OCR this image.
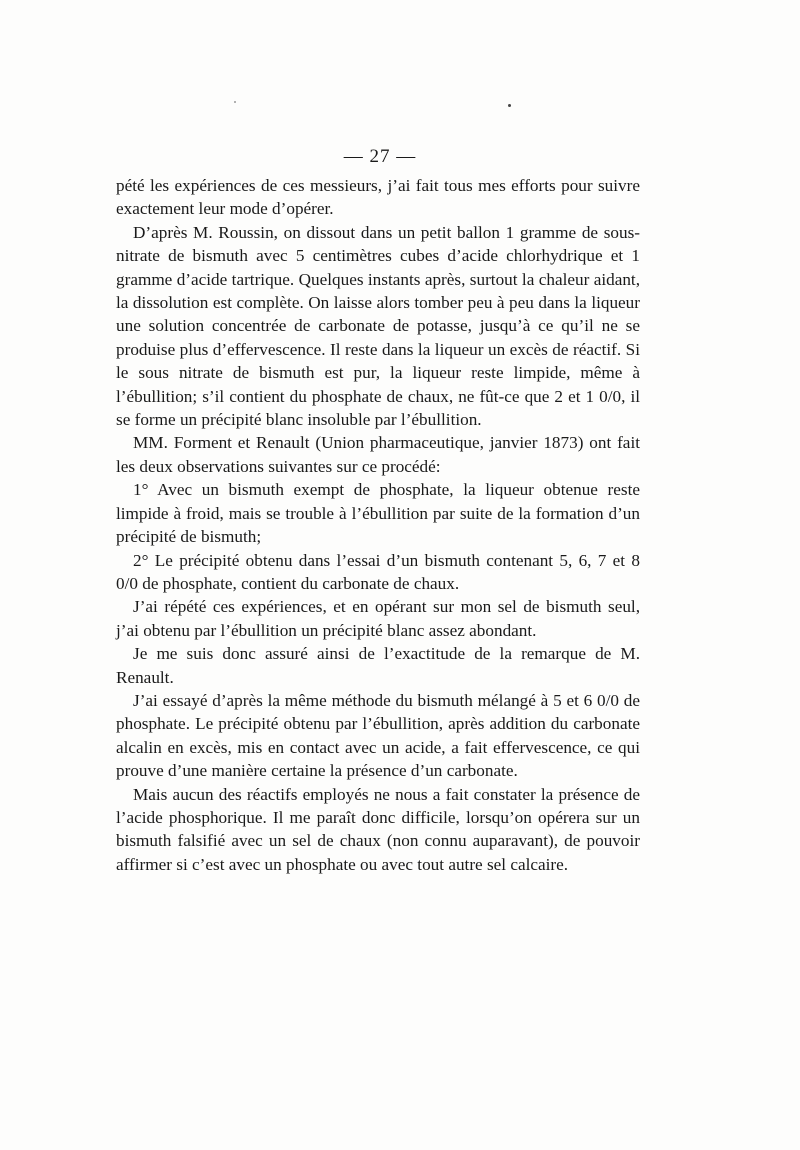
— 27 —

pété les expériences de ces messieurs, j’ai fait tous mes efforts pour suivre exactement leur mode d’opérer.

D’après M. Roussin, on dissout dans un petit ballon 1 gramme de sous-nitrate de bismuth avec 5 centimètres cubes d’acide chlorhydrique et 1 gramme d’acide tartrique. Quelques instants après, surtout la chaleur aidant, la dissolution est complète. On laisse alors tomber peu à peu dans la liqueur une solution concentrée de carbonate de potasse, jusqu’à ce qu’il ne se produise plus d’effervescence. Il reste dans la liqueur un excès de réactif. Si le sous nitrate de bismuth est pur, la liqueur reste limpide, même à l’ébullition; s’il contient du phosphate de chaux, ne fût-ce que 2 et 1 0/0, il se forme un précipité blanc insoluble par l’ébullition.

MM. Forment et Renault (Union pharmaceutique, janvier 1873) ont fait les deux observations suivantes sur ce procédé:

1° Avec un bismuth exempt de phosphate, la liqueur obtenue reste limpide à froid, mais se trouble à l’ébullition par suite de la formation d’un précipité de bismuth;

2° Le précipité obtenu dans l’essai d’un bismuth contenant 5, 6, 7 et 8 0/0 de phosphate, contient du carbonate de chaux.

J’ai répété ces expériences, et en opérant sur mon sel de bismuth seul, j’ai obtenu par l’ébullition un précipité blanc assez abondant.

Je me suis donc assuré ainsi de l’exactitude de la remarque de M. Renault.

J’ai essayé d’après la même méthode du bismuth mélangé à 5 et 6 0/0 de phosphate. Le précipité obtenu par l’ébullition, après addition du carbonate alcalin en excès, mis en contact avec un acide, a fait effervescence, ce qui prouve d’une manière certaine la présence d’un carbonate.

Mais aucun des réactifs employés ne nous a fait constater la présence de l’acide phosphorique. Il me paraît donc difficile, lorsqu’on opérera sur un bismuth falsifié avec un sel de chaux (non connu auparavant), de pouvoir affirmer si c’est avec un phosphate ou avec tout autre sel calcaire.
